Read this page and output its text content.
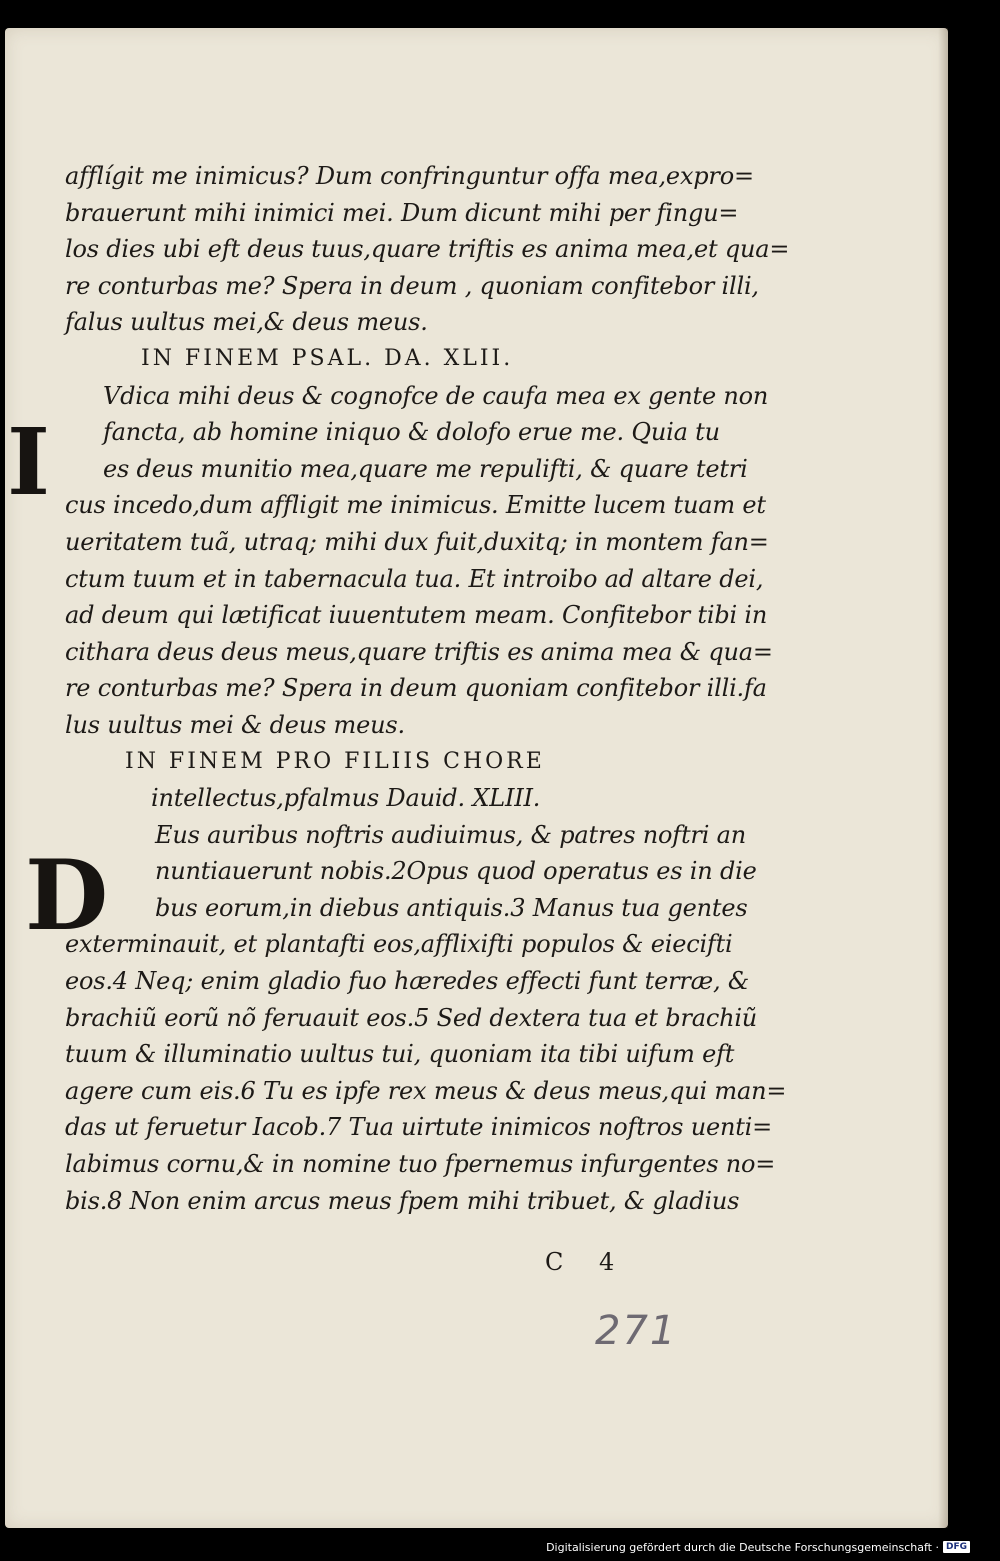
afflígit me inimicus? Dum confringuntur offa mea,expro=
brauerunt mihi inimici mei. Dum dicunt mihi per fingu=
los dies ubi eft deus tuus,quare triftis es anima mea,et qua=
re conturbas me? Spera in deum , quoniam confitebor illi,
falus uultus mei,& deus meus.
IN FINEM PSAL. DA. XLII.
Vdica mihi deus & cognofce de caufa mea ex gente non
fancta, ab homine iniquo & dolofo erue me. Quia tu
es deus munitio mea,quare me repulifti, & quare tetri
cus incedo,dum affligit me inimicus. Emitte lucem tuam et
ueritatem tuã, utraq; mihi dux fuit,duxitq; in montem fan=
ctum tuum et in tabernacula tua. Et introibo ad altare dei,
ad deum qui lætificat iuuentutem meam. Confitebor tibi in
cithara deus deus meus,quare triftis es anima mea & qua=
re conturbas me? Spera in deum quoniam confitebor illi.fa
lus uultus mei & deus meus.
IN FINEM PRO FILIIS CHORE
intellectus,pfalmus Dauid. XLIII.
Eus auribus noftris audiuimus, & patres noftri an
nuntiauerunt nobis.2Opus quod operatus es in die
bus eorum,in diebus antiquis.3 Manus tua gentes
exterminauit, et plantafti eos,afflixifti populos & eiecifti
eos.4 Neq; enim gladio fuo hæredes effecti funt terræ, &
brachiũ eorũ nõ feruauit eos.5 Sed dextera tua et brachiũ
tuum & illuminatio uultus tui, quoniam ita tibi uifum eft
agere cum eis.6 Tu es ipfe rex meus & deus meus,qui man=
das ut feruetur Iacob.7 Tua uirtute inimicos noftros uenti=
labimus cornu,& in nomine tuo fpernemus infurgentes no=
bis.8 Non enim arcus meus fpem mihi tribuet, & gladius
I
D
C 4
271
Digitalisierung gefördert durch die Deutsche Forschungsgemeinschaft · DFG
